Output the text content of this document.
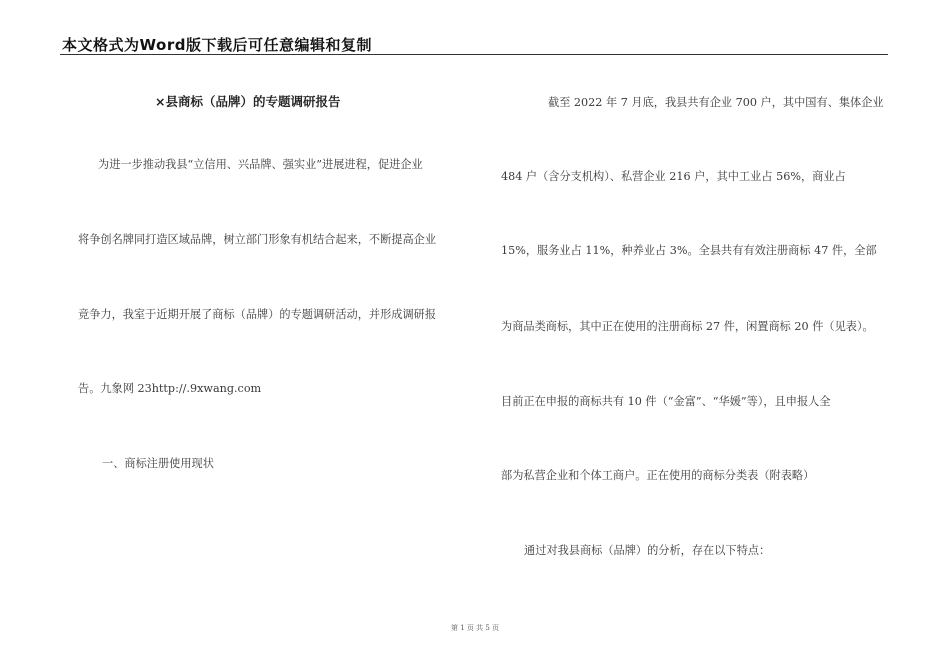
本文格式为Word版下载后可任意编辑和复制
×县商标（品牌）的专题调研报告
为进一步推动我县“立信用、兴品牌、强实业”进展进程，促进企业
将争创名牌同打造区域品牌，树立部门形象有机结合起来，不断提高企业
竞争力，我室于近期开展了商标（品牌）的专题调研活动，并形成调研报
告。九象网 23http://.9xwang.com
一、商标注册使用现状
截至 2022 年 7 月底，我县共有企业 700 户，其中国有、集体企业
484 户（含分支机构）、私营企业 216 户，其中工业占 56%，商业占
15%，服务业占 11%，种养业占 3%。全县共有有效注册商标 47 件，全部
为商品类商标，其中正在使用的注册商标 27 件，闲置商标 20 件（见表）。
目前正在申报的商标共有 10 件（“金富”、“华媛”等），且申报人全
部为私营企业和个体工商户。正在使用的商标分类表（附表略）
通过对我县商标（品牌）的分析，存在以下特点：
第 1 页 共 5 页
